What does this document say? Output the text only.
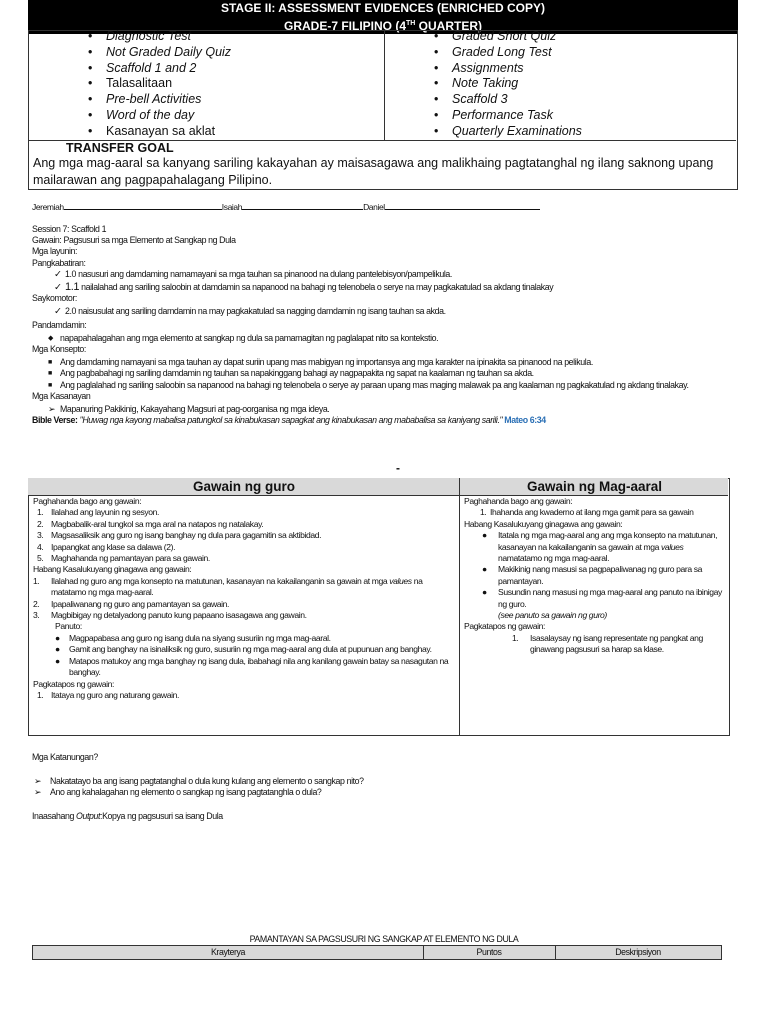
STAGE II: ASSESSMENT EVIDENCES (ENRICHED COPY)
GRADE-7 FILIPINO (4TH QUARTER)
• Diagnostic Test
• Not Graded Daily Quiz
• Scaffold 1 and 2
• Talasalitaan
• Pre-bell Activities
• Word of the day
• Kasanayan sa aklat
• Graded Short Quiz
• Graded Long Test
• Assignments
• Note Taking
• Scaffold 3
• Performance Task
• Quarterly Examinations
TRANSFER GOAL
Ang mga mag-aaral sa kanyang sariling kakayahan ay maisasagawa ang malikhaing pagtatanghal ng ilang saknong upang mailarawan ang pagpapahalagang Pilipino.
Jeremiah	Isaiah	Daniel
Session 7: Scaffold 1
Gawain: Pagsusuri sa mga Elemento at Sangkap ng Dula
Mga layunin:
Pangkabatiran:
✓ 1.0 nasusuri ang damdaming namamayani sa mga tauhan sa pinanood na dulang pantelebisyon/pampelikula.
✓ 1.1 nailalahad ang sariling saloobin at damdamin sa napanood na bahagi ng telenobela o serye na may pagkakatulad sa akdang tinalakay
Saykomotor:
✓ 2.0 naisusulat ang sariling damdamin na may pagkakatulad sa nagging damdamin ng isang tauhan sa akda.
Pandamdamin:
◆ napapahalagahan ang mga elemento at sangkap ng dula sa pamamagitan ng paglalapat nito sa kontekstio.
Mga Konsepto:
■ Ang damdaming namayani sa mga tauhan ay dapat suriin upang mas mabigyan ng importansya ang mga karakter na ipinakita sa pinanood na pelikula.
■ Ang pagbabahagi ng sariling damdamin ng tauhan sa napakinggang bahagi ay nagpapakita ng sapat na kaalaman ng tauhan sa akda.
■ Ang paglalahad ng sariling saloobin sa napanood na bahagi ng telenobela o serye ay paraan upang mas maging malawak pa ang kaalaman ng pagkakatulad ng akdang tinalakay.
Mga Kasanayan
➢ Mapanuring Pakikinig, Kakayahang Magsuri at pag-oorganisa ng mga ideya.
Bible Verse: "Huwag nga kayong mabalisa patungkol sa kinabukasan sapagkat ang kinabukasan ang mababalisa sa kaniyang sarili." Mateo 6:34
-
Gawain ng guro	Gawain ng Mag-aaral
Paghahanda bago ang gawain:
1. Ilalahad ang layunin ng sesyon.
2. Magbabalik-aral tungkol sa mga aral na natapos ng natalakay.
3. Magsasaliksik ang guro ng isang banghay ng dula para gagamitin sa aktibidad.
4. Ipapangkat ang klase sa dalawa (2).
5. Maghahanda ng pamantayan para sa gawain.
Habang Kasalukuyang ginagawa ang gawain:
1. Ilalahad ng guro ang mga konsepto na matutunan, kasanayan na kakailanganin sa gawain at mga values na matatamo ng mga mag-aaral.
2. Ipapaliwanang ng guro ang pamantayan sa gawain.
3. Magbibigay ng detalyadong panuto kung papaano isasagawa ang gawain.
Panuto:
● Magpapabasa ang guro ng isang dula na siyang susuriin ng mga mag-aaral.
● Gamit ang banghay na isinaliksik ng guro, susuriin ng mga mag-aaral ang dula at pupunuan ang banghay.
● Matapos matukoy ang mga banghay ng isang dula, ibabahagi nila ang kanilang gawain batay sa nasagutan na banghay.
Pagkatapos ng gawain:
1. Itataya ng guro ang naturang gawain.
Paghahanda bago ang gawain:
1. Ihahanda ang kwaderno at ilang mga gamit para sa gawain
Habang Kasalukuyang ginagawa ang gawain:
● Itatala ng mga mag-aaral ang ang mga konsepto na matutunan, kasanayan na kakailanganin sa gawain at mga values namatatamo ng mga mag-aaral.
● Makikinig nang masusi sa pagpapaliwanag ng guro para sa pamantayan.
● Susundin nang masusi ng mga mag-aaral ang panuto na ibinigay ng guro.
(see panuto sa gawain ng guro)
Pagkatapos ng gawain:
1. Isasalaysay ng isang representate ng pangkat ang ginawang pagsusuri sa harap sa klase.
Mga Katanungan?
➢ Nakatatayo ba ang isang pagtatanghal o dula kung kulang ang elemento o sangkap nito?
➢ Ano ang kahalagahan ng elemento o sangkap ng isang pagtatanghla o dula?
Inaasahang Output:Kopya ng pagsusuri sa isang Dula
PAMANTAYAN SA PAGSUSURI NG SANGKAP AT ELEMENTO NG DULA
Krayterya	Puntos	Deskripsiyon
